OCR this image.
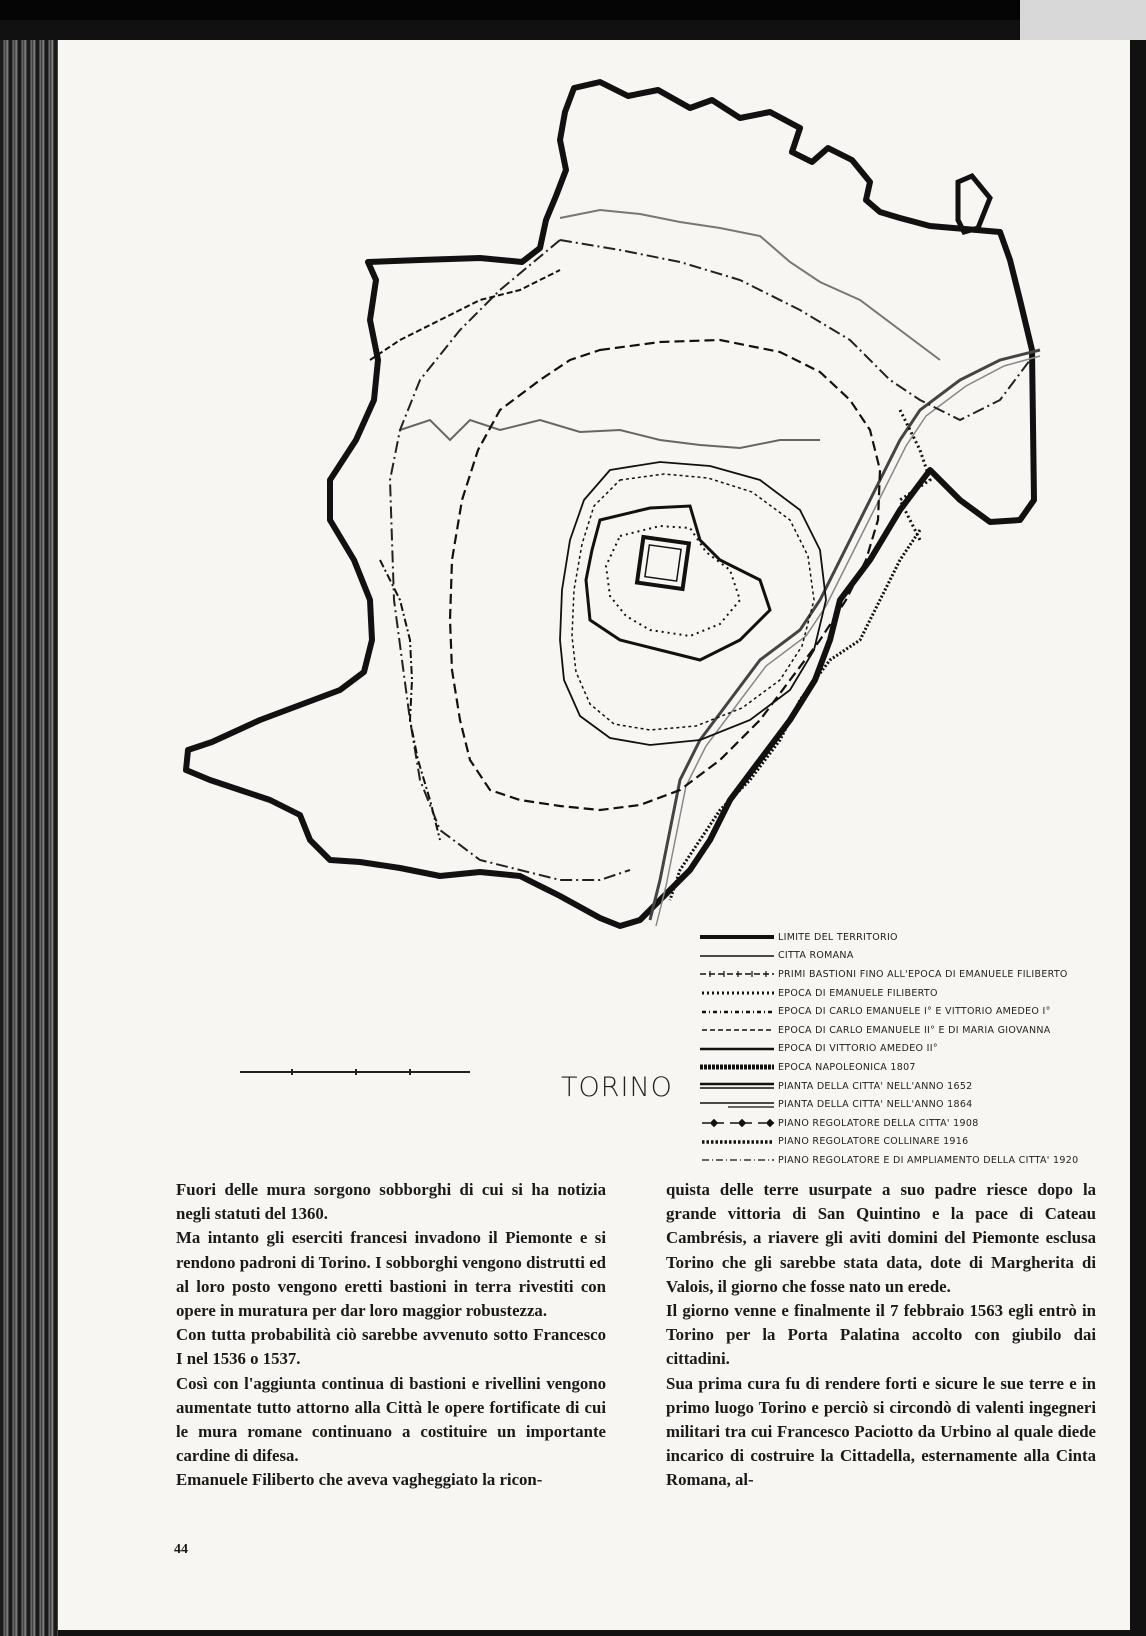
TORINO
LIMITE DEL TERRITORIO
CITTA ROMANA
PRIMI BASTIONI FINO ALL'EPOCA DI EMANUELE FILIBERTO
EPOCA DI EMANUELE FILIBERTO
EPOCA DI CARLO EMANUELE I° E VITTORIO AMEDEO I°
EPOCA DI CARLO EMANUELE II° E DI MARIA GIOVANNA
EPOCA DI VITTORIO AMEDEO II°
EPOCA NAPOLEONICA 1807
PIANTA DELLA CITTA' NELL'ANNO 1652
PIANTA DELLA CITTA' NELL'ANNO 1864
PIANO REGOLATORE DELLA CITTA' 1908
PIANO REGOLATORE COLLINARE 1916
PIANO REGOLATORE E DI AMPLIAMENTO DELLA CITTA' 1920

Fuori delle mura sorgono sobborghi di cui si ha notizia negli statuti del 1360.

Ma intanto gli eserciti francesi invadono il Piemonte e si rendono padroni di Torino. I sobborghi vengono distrutti ed al loro posto vengono eretti bastioni in terra rivestiti con opere in muratura per dar loro maggior robustezza.

Con tutta probabilità ciò sarebbe avvenuto sotto Francesco I nel 1536 o 1537.

Così con l'aggiunta continua di bastioni e rivellini vengono aumentate tutto attorno alla Città le opere fortificate di cui le mura romane continuano a costituire un importante cardine di difesa.

Emanuele Filiberto che aveva vagheggiato la ricon-

quista delle terre usurpate a suo padre riesce dopo la grande vittoria di San Quintino e la pace di Cateau Cambrésis, a riavere gli aviti domini del Piemonte esclusa Torino che gli sarebbe stata data, dote di Margherita di Valois, il giorno che fosse nato un erede.

Il giorno venne e finalmente il 7 febbraio 1563 egli entrò in Torino per la Porta Palatina accolto con giubilo dai cittadini.

Sua prima cura fu di rendere forti e sicure le sue terre e in primo luogo Torino e perciò si circondò di valenti ingegneri militari tra cui Francesco Paciotto da Urbino al quale diede incarico di costruire la Cittadella, esternamente alla Cinta Romana, al-

44
